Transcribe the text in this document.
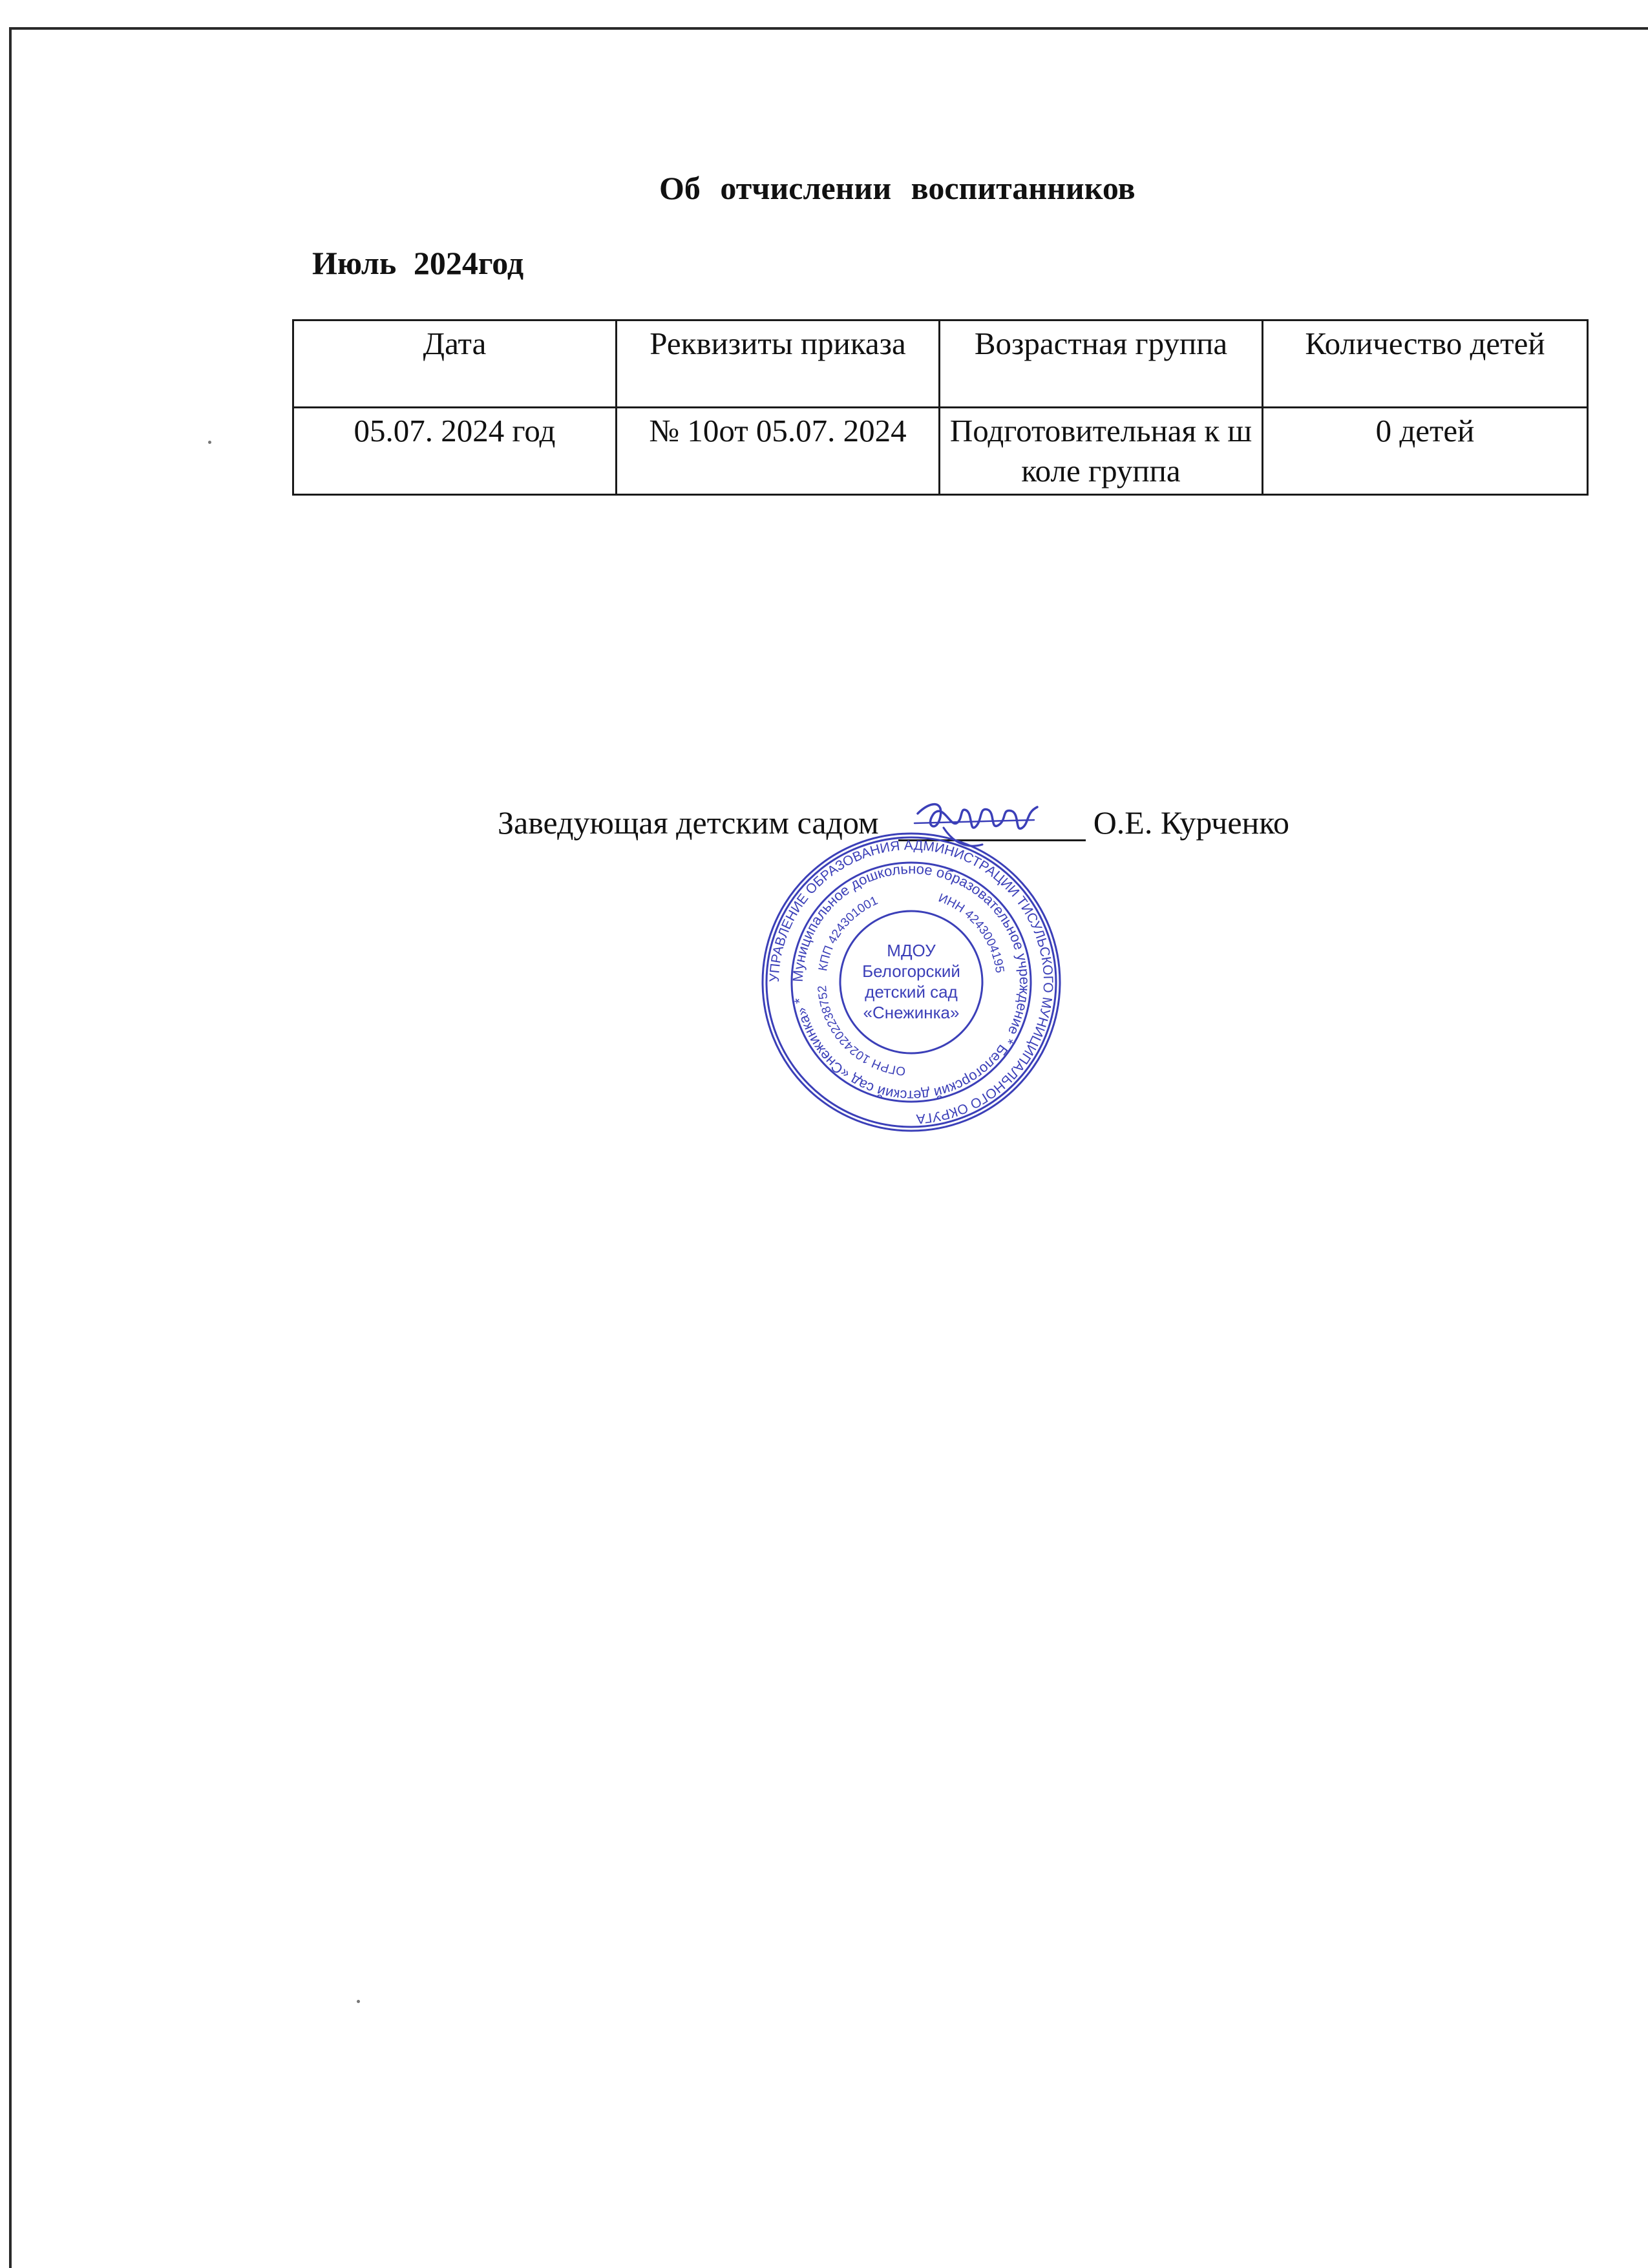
Об отчислении воспитанников
Июль 2024год
Дата	Реквизиты приказа	Возрастная группа	Количество детей
05.07. 2024 год	№ 10от 05.07. 2024	Подготовительная к школе группа	0 детей
Заведующая детским садом	О.Е. Курченко
УПРАВЛЕНИЕ ОБРАЗОВАНИЯ АДМИНИСТРАЦИИ ТИСУЛЬСКОГО МУНИЦИПАЛЬНОГО ОКРУГА
Муниципальное дошкольное образовательное учреждение * Белогорский детский сад «Снежинка» *
ИНН 4243004195
КПП 424301001
ОГРН 1024202238752
МДОУ
Белогорский
детский сад
«Снежинка»
